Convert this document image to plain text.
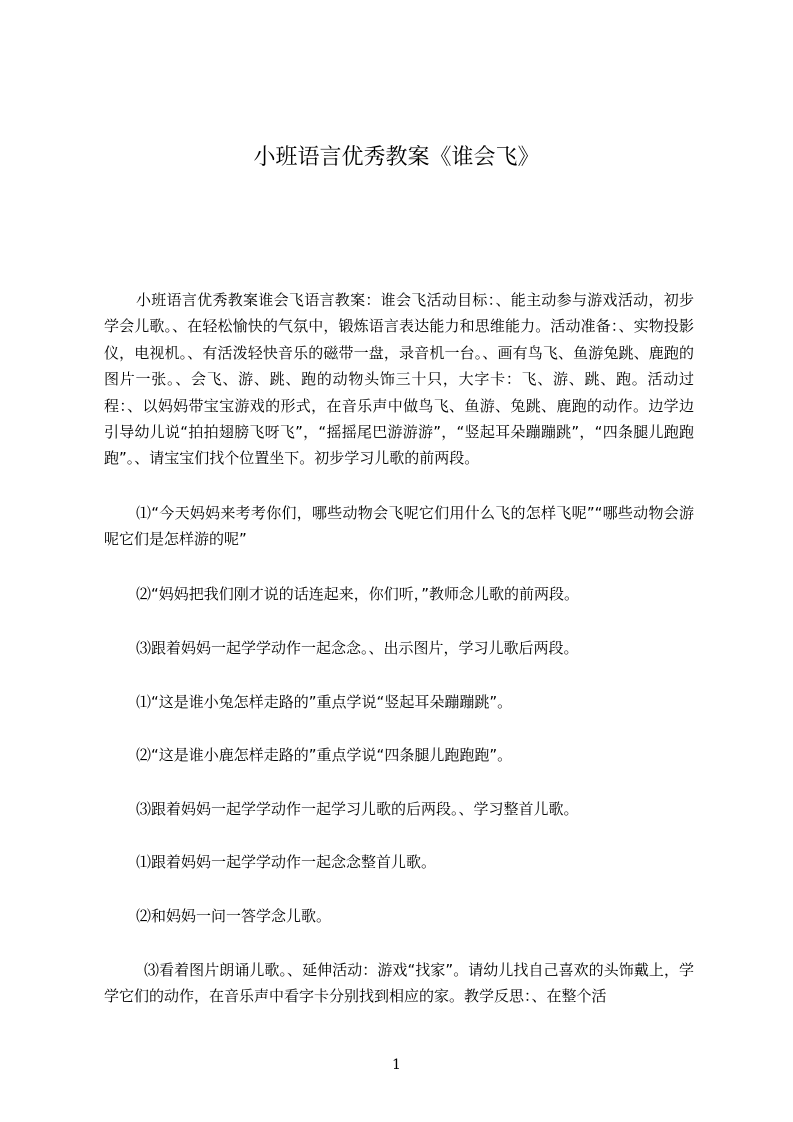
小班语言优秀教案《谁会飞》

小班语言优秀教案谁会飞语言教案：谁会飞活动目标：、能主动参与游戏活动，初步学会儿歌。、在轻松愉快的气氛中，锻炼语言表达能力和思维能力。活动准备：、实物投影仪，电视机。、有活泼轻快音乐的磁带一盘，录音机一台。、画有鸟飞、鱼游兔跳、鹿跑的图片一张。、会飞、游、跳、跑的动物头饰三十只，大字卡：飞、游、跳、跑。活动过程：、以妈妈带宝宝游戏的形式，在音乐声中做鸟飞、鱼游、兔跳、鹿跑的动作。边学边引导幼儿说“拍拍翅膀飞呀飞”，“摇摇尾巴游游游”，“竖起耳朵蹦蹦跳”，“四条腿儿跑跑跑”。、请宝宝们找个位置坐下。初步学习儿歌的前两段。

⑴“今天妈妈来考考你们，哪些动物会飞呢它们用什么飞的怎样飞呢”“哪些动物会游呢它们是怎样游的呢”

⑵“妈妈把我们刚才说的话连起来，你们听，”教师念儿歌的前两段。

⑶跟着妈妈一起学学动作一起念念。、出示图片，学习儿歌后两段。

⑴“这是谁小兔怎样走路的”重点学说“竖起耳朵蹦蹦跳”。

⑵“这是谁小鹿怎样走路的”重点学说“四条腿儿跑跑跑”。

⑶跟着妈妈一起学学动作一起学习儿歌的后两段。、学习整首儿歌。

⑴跟着妈妈一起学学动作一起念念整首儿歌。

⑵和妈妈一问一答学念儿歌。

⑶看着图片朗诵儿歌。、延伸活动：游戏“找家”。请幼儿找自己喜欢的头饰戴上，学学它们的动作，在音乐声中看字卡分别找到相应的家。教学反思：、在整个活

1
